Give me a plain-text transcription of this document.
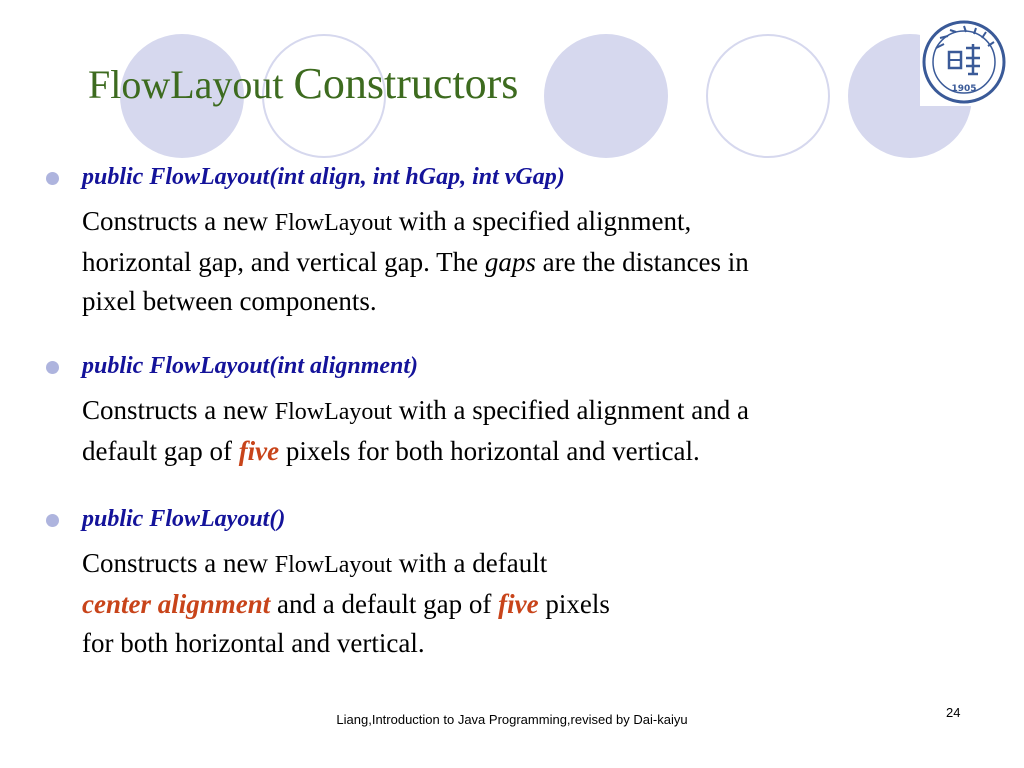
FlowLayout Constructors	1905
public FlowLayout(int align, int hGap, int vGap)
Constructs a new FlowLayout with a specified alignment,
horizontal gap, and vertical gap. The gaps are the distances in
pixel between components.
public FlowLayout(int alignment)
Constructs a new FlowLayout with a specified alignment and a
default gap of five pixels for both horizontal and vertical.
public FlowLayout()
Constructs a new FlowLayout with a default
center alignment and a default gap of five pixels
for both horizontal and vertical.
Liang,Introduction to Java Programming,revised by Dai-kaiyu	24
